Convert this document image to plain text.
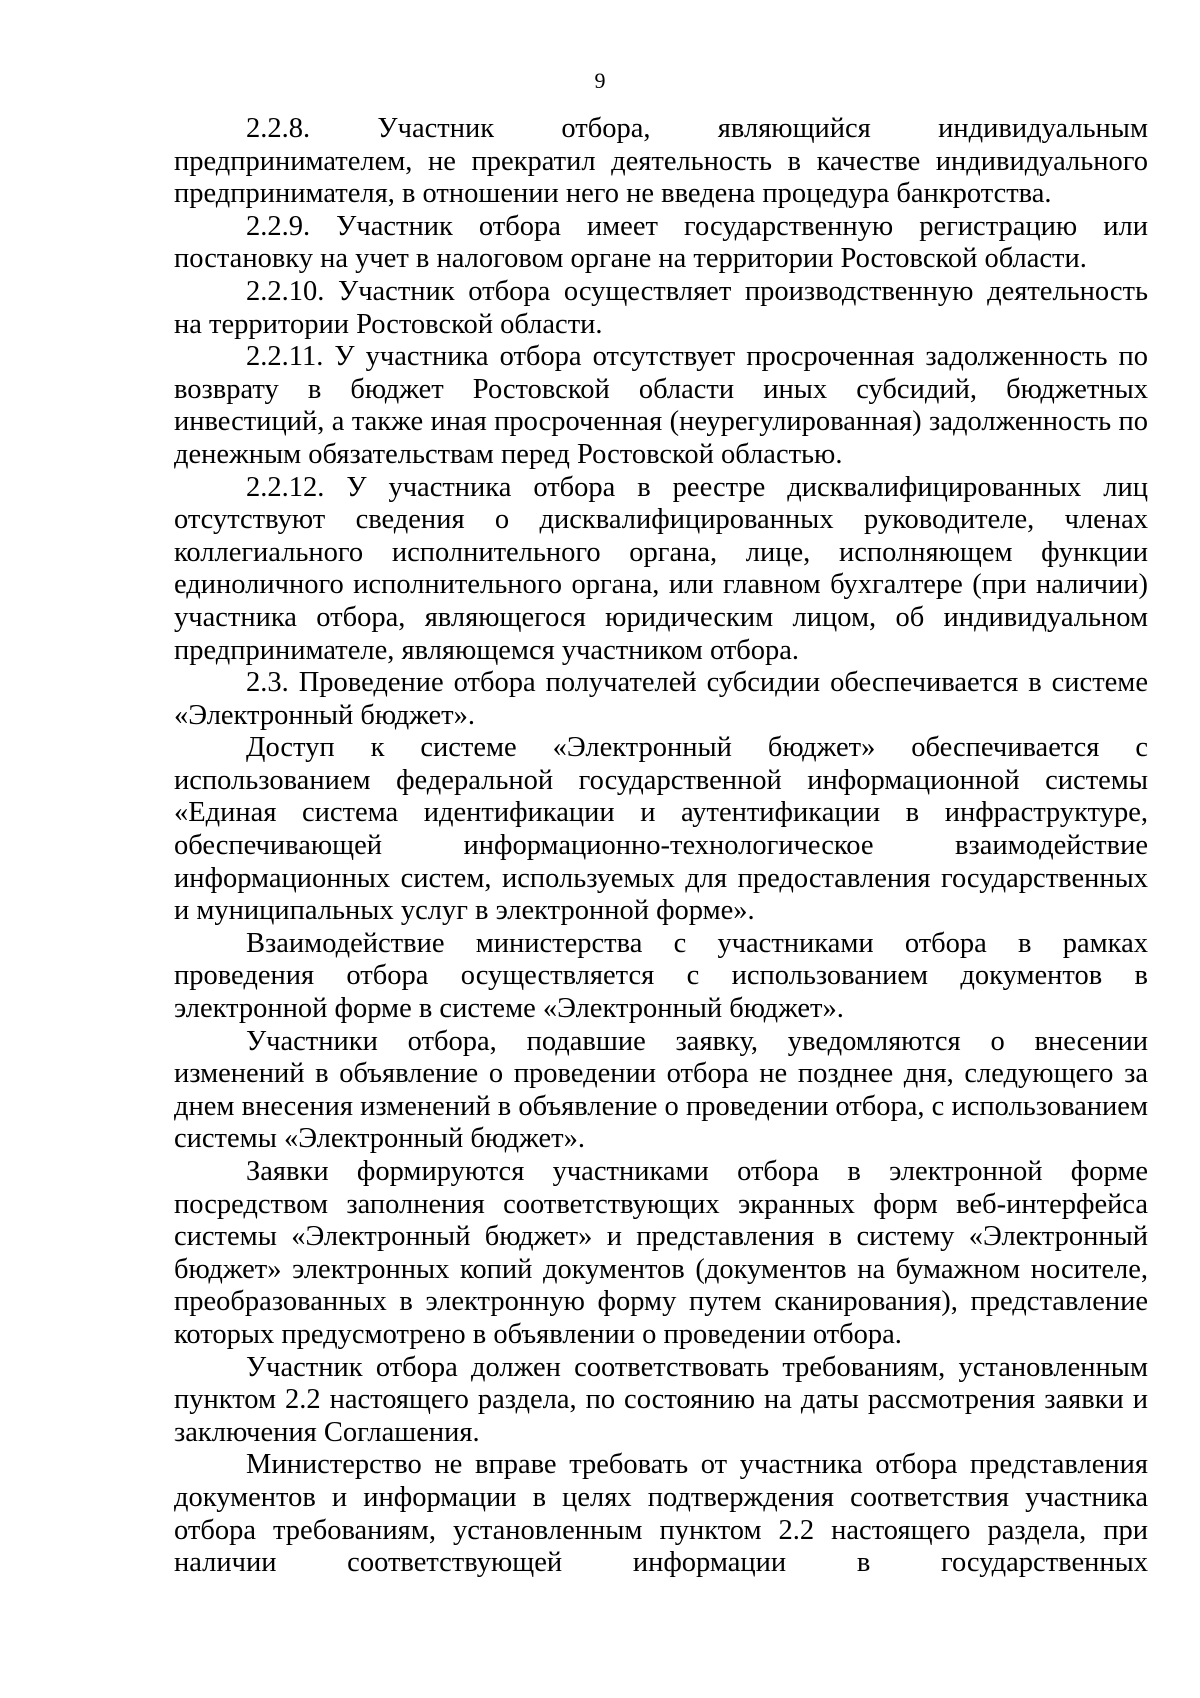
9

2.2.8. Участник отбора, являющийся индивидуальным предпринимателем, не прекратил деятельность в качестве индивидуального предпринимателя, в отношении него не введена процедура банкротства.

2.2.9. Участник отбора имеет государственную регистрацию или постановку на учет в налоговом органе на территории Ростовской области.

2.2.10. Участник отбора осуществляет производственную деятельность на территории Ростовской области.

2.2.11. У участника отбора отсутствует просроченная задолженность по возврату в бюджет Ростовской области иных субсидий, бюджетных инвестиций, а также иная просроченная (неурегулированная) задолженность по денежным обязательствам перед Ростовской областью.

2.2.12. У участника отбора в реестре дисквалифицированных лиц отсутствуют сведения о дисквалифицированных руководителе, членах коллегиального исполнительного органа, лице, исполняющем функции единоличного исполнительного органа, или главном бухгалтере (при наличии) участника отбора, являющегося юридическим лицом, об индивидуальном предпринимателе, являющемся участником отбора.

2.3. Проведение отбора получателей субсидии обеспечивается в системе «Электронный бюджет».

Доступ к системе «Электронный бюджет» обеспечивается с использованием федеральной государственной информационной системы «Единая система идентификации и аутентификации в инфраструктуре, обеспечивающей информационно-технологическое взаимодействие информационных систем, используемых для предоставления государственных и муниципальных услуг в электронной форме».

Взаимодействие министерства с участниками отбора в рамках проведения отбора осуществляется с использованием документов в электронной форме в системе «Электронный бюджет».

Участники отбора, подавшие заявку, уведомляются о внесении изменений в объявление о проведении отбора не позднее дня, следующего за днем внесения изменений в объявление о проведении отбора, с использованием системы «Электронный бюджет».

Заявки формируются участниками отбора в электронной форме посредством заполнения соответствующих экранных форм веб-интерфейса системы «Электронный бюджет» и представления в систему «Электронный бюджет» электронных копий документов (документов на бумажном носителе, преобразованных в электронную форму путем сканирования), представление которых предусмотрено в объявлении о проведении отбора.

Участник отбора должен соответствовать требованиям, установленным пунктом 2.2 настоящего раздела, по состоянию на даты рассмотрения заявки и заключения Соглашения.

Министерство не вправе требовать от участника отбора представления документов и информации в целях подтверждения соответствия участника отбора требованиям, установленным пунктом 2.2 настоящего раздела, при наличии соответствующей информации в государственных
